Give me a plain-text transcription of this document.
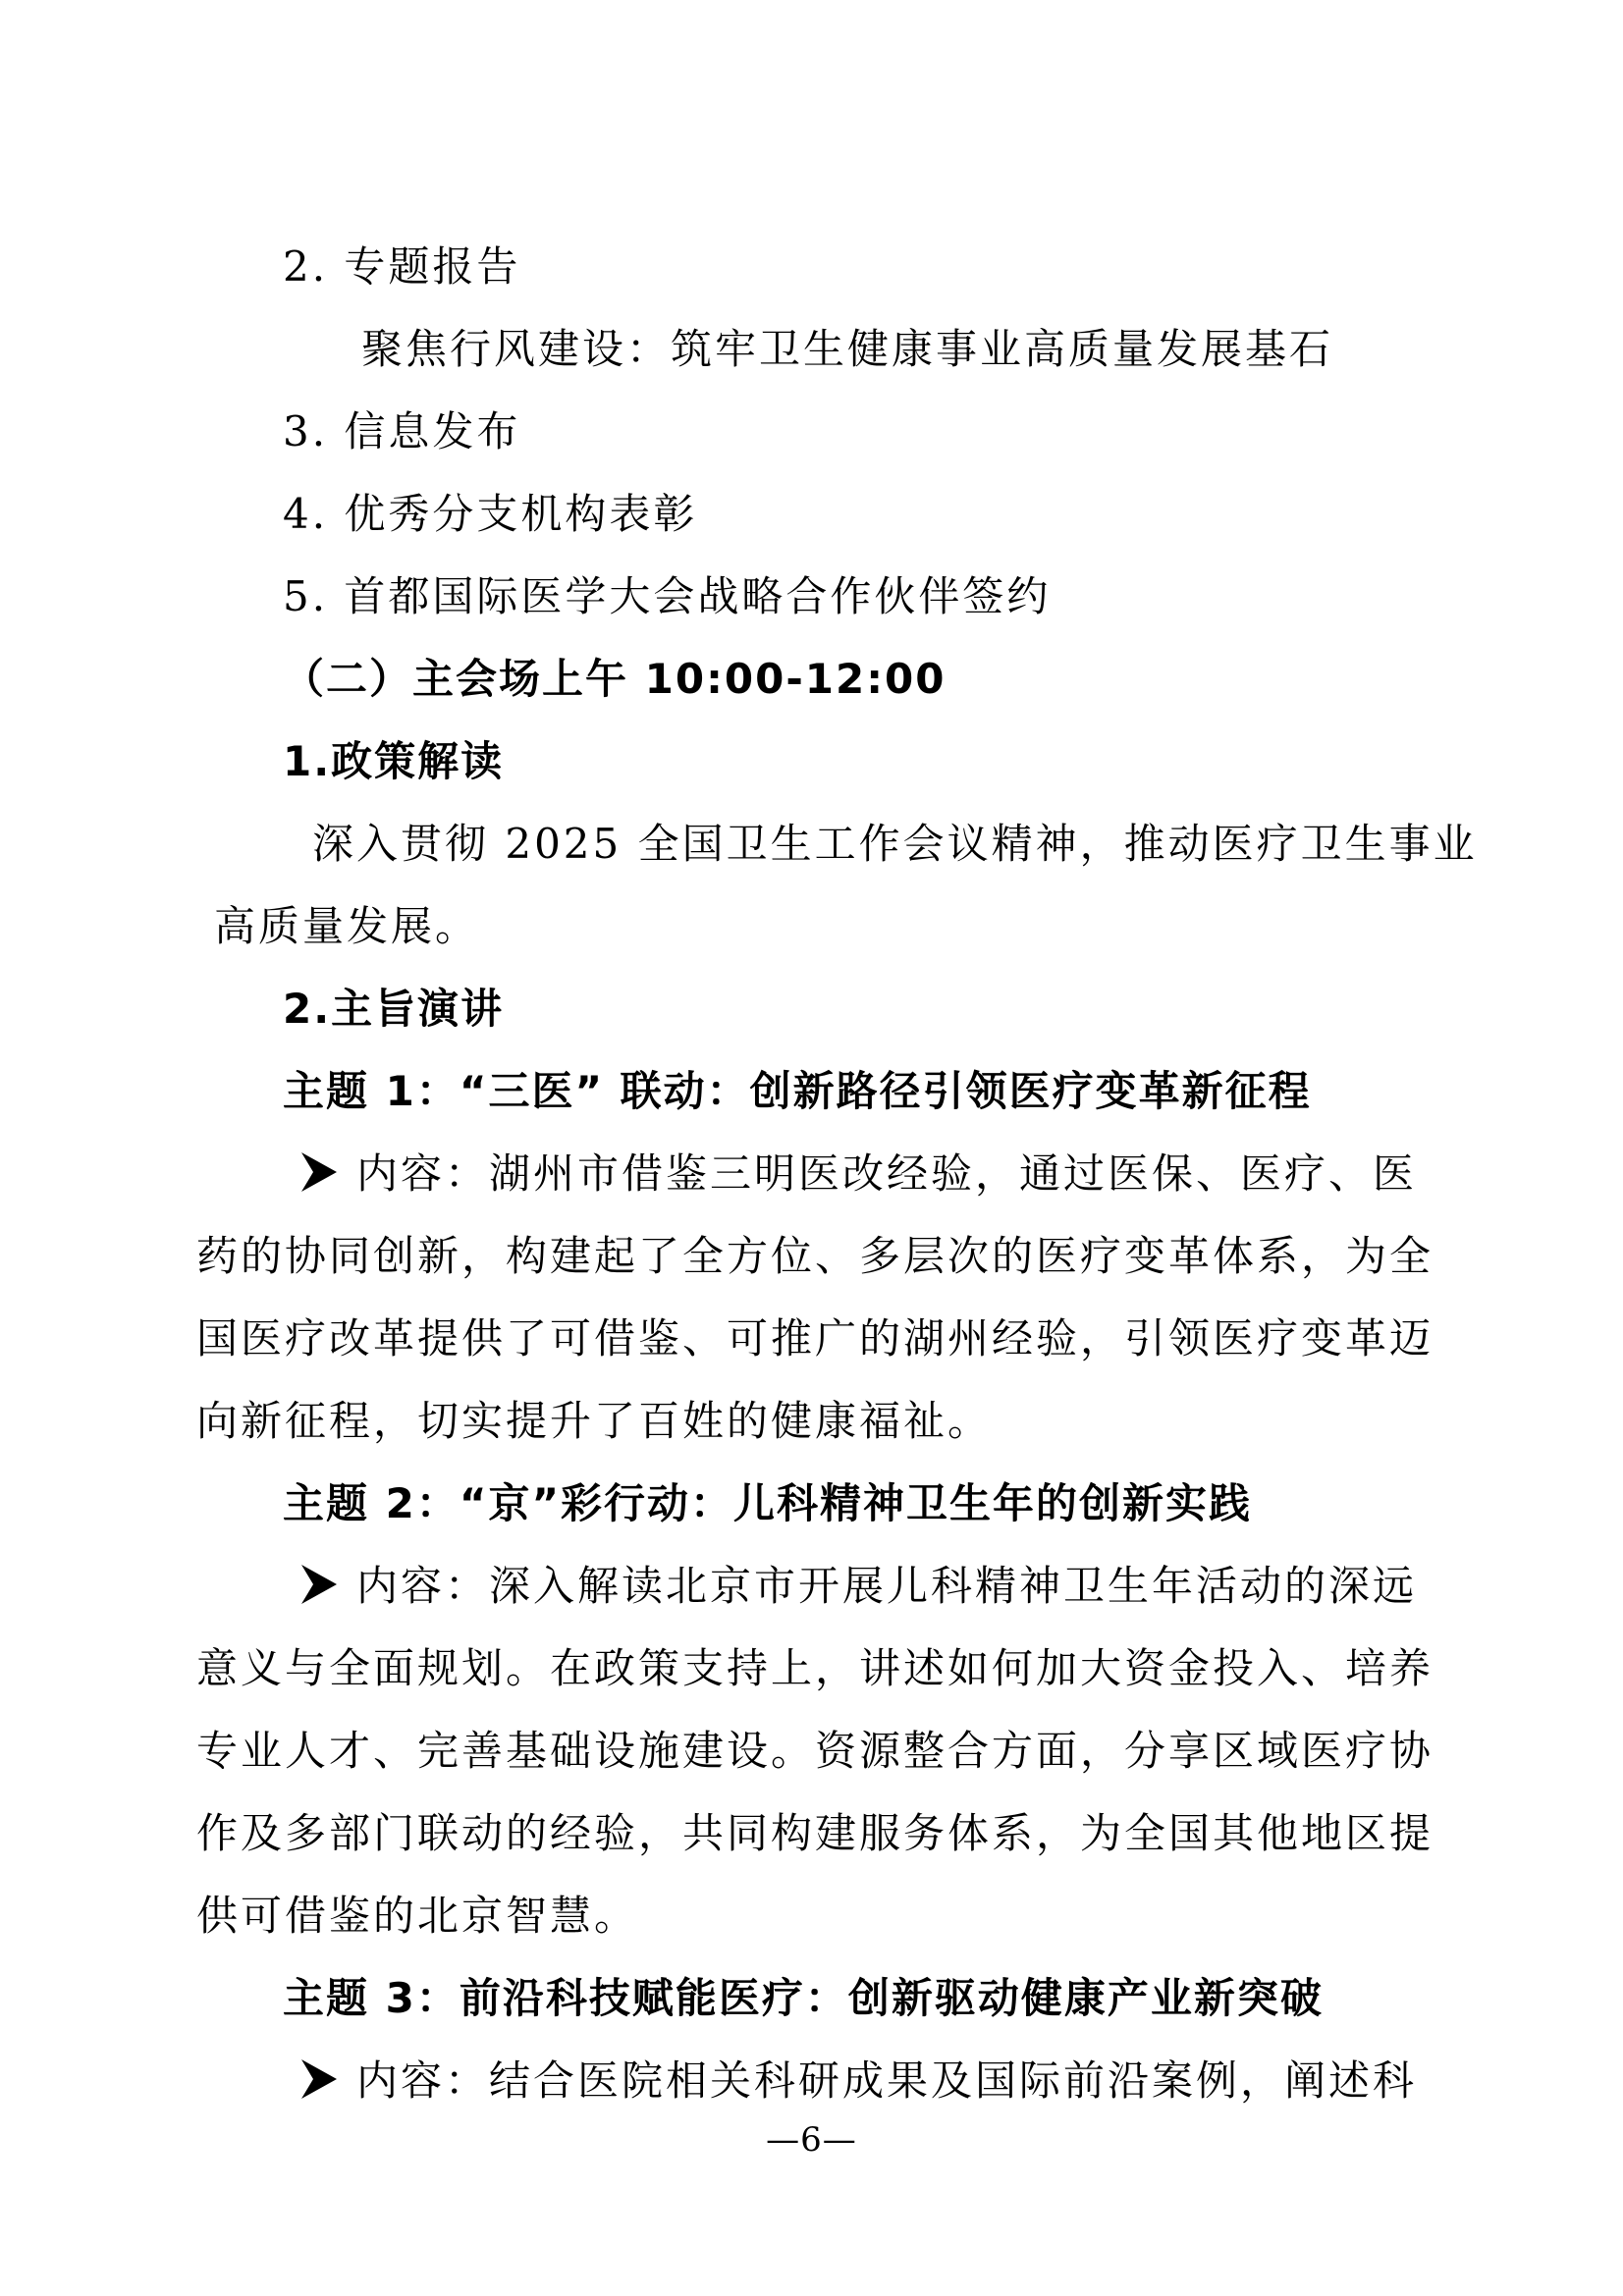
2. 专题报告
聚焦行风建设：筑牢卫生健康事业高质量发展基石
3. 信息发布
4. 优秀分支机构表彰
5. 首都国际医学大会战略合作伙伴签约
（二）主会场上午 10:00-12:00
1.政策解读
深入贯彻 2025 全国卫生工作会议精神，推动医疗卫生事业
高质量发展。
2.主旨演讲
主题 1：“三医” 联动：创新路径引领医疗变革新征程
内容：湖州市借鉴三明医改经验，通过医保、医疗、医
药的协同创新，构建起了全方位、多层次的医疗变革体系，为全
国医疗改革提供了可借鉴、可推广的湖州经验，引领医疗变革迈
向新征程，切实提升了百姓的健康福祉。
主题 2：“京”彩行动：儿科精神卫生年的创新实践
内容：深入解读北京市开展儿科精神卫生年活动的深远
意义与全面规划。在政策支持上，讲述如何加大资金投入、培养
专业人才、完善基础设施建设。资源整合方面，分享区域医疗协
作及多部门联动的经验，共同构建服务体系，为全国其他地区提
供可借鉴的北京智慧。
主题 3：前沿科技赋能医疗：创新驱动健康产业新突破
内容：结合医院相关科研成果及国际前沿案例，阐述科
—6—
